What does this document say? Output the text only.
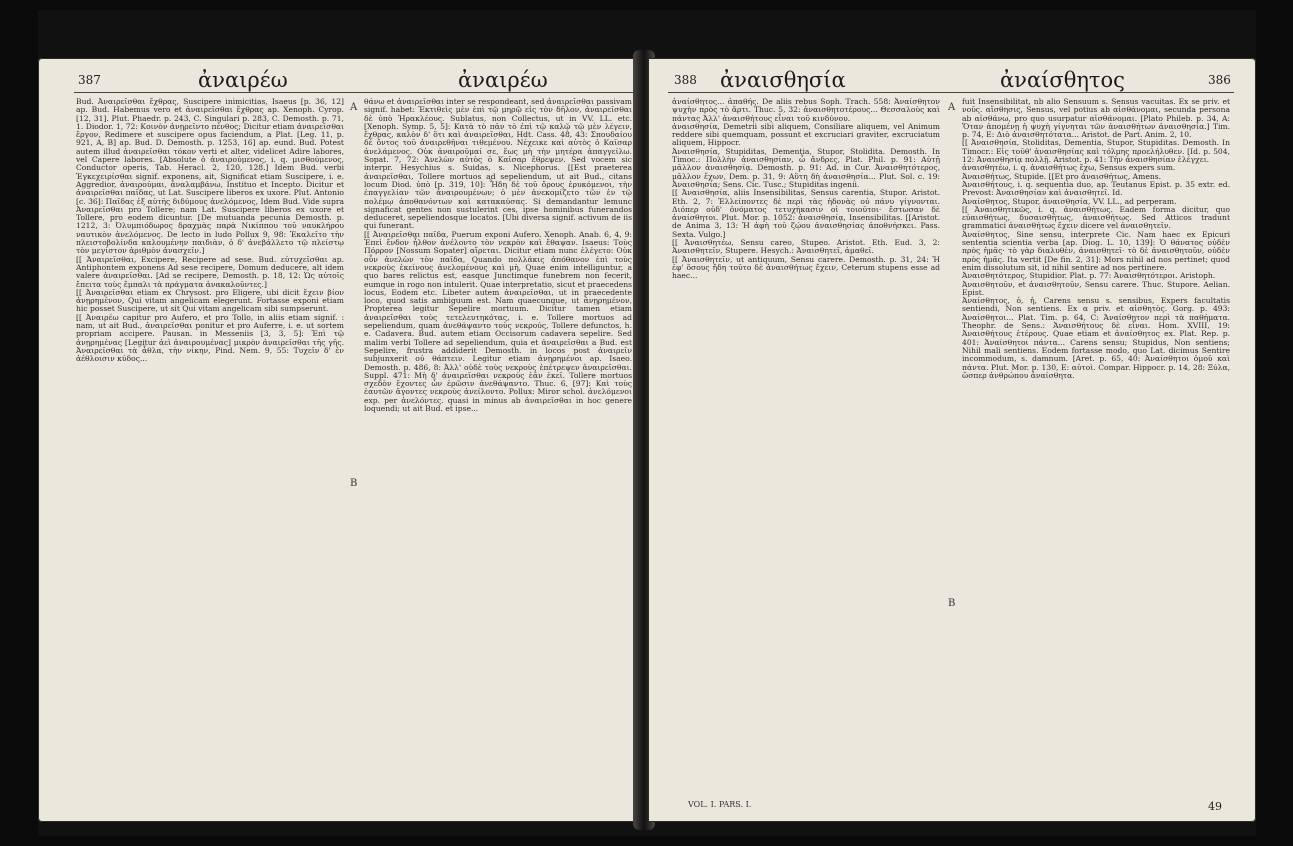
ἀναιρέω	ἀναιρέω
387
A
B
Bud. Ἀναιρεῖσθαι ἔχθρας, Suscipere inimicitias, Isaeus [p. 36, 12] ap. Bud. Habemus vero et ἀναιρεῖσθαι ἔχθρας ap. Xenoph. Cyrop. [12, 31]. Plut. Phaedr. p. 243, C. Singulari p. 283, C. Demosth. p. 71, 1. Diodor. 1, 72: Κοινὸν ἀνῃρεῖντο πένθος; Dicitur etiam ἀναιρεῖσθαι ἔργον, Redimere et suscipere opus faciendum, a Plat. [Leg. 11, p. 921, A, B] ap. Bud. D. Demosth. p. 1253, 16] ap. eund. Bud. Potest autem illud ἀναιρεῖσθαι τόκον verti et alter, videlicet Adire labores, vel Capere labores. [Absolute ὁ ἀναιρούμενος, i. q. μισθούμενος, Conductor operis, Tab. Heracl. 2, 120, 128.] Idem Bud. verbi Ἐγκεχειρίσθαι signif. exponens, ait, Significat etiam Suscipere, i. e. Aggredior, ἀναιρούμαι, ἀναλαμβάνω, Instituo et Incepto. Dicitur et ἀναιρεῖσθαι παῖδας, ut Lat. Suscipere liberos ex uxore. Plut. Antonio [c. 36]: Παῖδας ἐξ αὐτῆς διδύμους ἀνελόμενος, Idem Bud. Vide supra Ἀναιρεῖσθαι pro Tollere; nam Lat. Suscipere liberos ex uxore et Tollere, pro eodem dicuntur. [De mutuanda pecunia Demosth. p. 1212, 3: Ὀλυμπιόδωρος δραχμὰς παρὰ Νικίππου τοῦ ναυκλήρου ναυτικὸν ἀνελόμενος. De lecto in ludo Pollux 9, 98: Ἐκαλεῖτο τὴν πλειστοβολίνδα καλουμένην παιδιὰν, ὁ δ' ἀνεβάλλετο τῷ πλείστῳ τὸν μεγίστον ἀριθμὸν ἀνασχεῖν.]
[[ Ἀναιρεῖσθαι, Excipere, Recipere ad sese. Bud. εὐτυχεῖσθαι ap. Antiphontem exponens Ad sese recipere, Domum deducere, alt idem valere ἀναιρεῖσθαι. [Ad se recipere, Demosth. p. 18, 12: Ὡς αὐτοῖς ἔπειτα τοὺς ἔμπαλι τὰ πράγματα ἀνακαλοῦντες.]
[[ Ἀναιρεῖσθαι etiam ex Chrysost. pro Eligere, ubi dicit ἔχειν βίον ἀνῃρημένον, Qui vitam angelicam elegerunt. Fortasse exponi etiam hic posset Suscipere, ut sit Qui vitam angelicam sibi sumpserunt.
[[ Ἀναιρέω capitur pro Aufero, et pro Tollo, in aliis etiam signif. : nam, ut ait Bud., ἀναιρεῖσθαι ponitur et pro Auferre, i. e. ut sortem propriam accipere. Pausan. in Messeniis [3, 3, 5]: Ἐπὶ τῷ ἀνῃρημένας [Legitur ἀεὶ ἀναιρουμένας] μικρὸν ἀναιρεῖσθαι τῆς γῆς. Ἀναιρεῖσθαι τὰ ἆθλα, τὴν νίκην, Pind. Nem. 9, 55: Τυχεῖν δ' ἐν ἀέθλοισιν κύδος...
θάνω et ἀναιρεῖσθαι inter se respondeant, sed ἀναιρεῖσθαι passivam signif. habet: Ἐκτιθεὶς μὲν ἐπὶ τῷ μηρῷ εἰς τὸν δῆλον, ἀναιρεῖσθαι δὲ ὑπὸ Ἡρακλέους. Sublatus, non Collectus, ut in VV. LL. etc. [Xenoph. Symp. 5, 5]: Κατὰ τὸ πᾶν τὸ ἐπὶ τῷ καλῷ τῷ μὲν λέγειν, ἔχθρας, καλὸν δ' ὅτι καὶ ἀναιρεῖσθαι, Hdt. Cass. 48, 43: Σπουδαίου δὲ ὄντος τοῦ ἀναιρεθῆναι τιθεμένου. Νέχεικε καὶ αὐτὸς ὁ Καῖσαρ ἀνελάμενος. Οὐκ ἀναιροῦμαί σε, ἕως μὴ τὴν μητέρα ἀπαγγείλω. Sopat. 7, 72: Ἀνελὼν αὐτὸς ὁ Καῖσαρ ἔθρεψεν. Sed vocem sic interpr. Hesychius s. Suidas, s. Nicephorus. [[Est praeterea ἀναιρεῖσθαι, Tollere mortuos ad sepeliendum, ut ait Bud., citans locum Diod. ὑπὸ [p. 319, 10]: Ἦδη δὲ τοῦ ὄρους ἐρυκόμενοι, τὴν ἐπαγγελίαν τῶν ἀναιρουμένων; ὁ μὲν ἀνεκομίζετο τῶν ἐν τῷ πολέμῳ ἀποθανόντων καὶ κατακαύσας. Si demandantur lemunc signaficat gentes non sustulerint ces, ipse hominibus funerandos deduceret, sepeliendosque locatos. [Ubi diversa signif. activum de iis qui funerant.
[[ Ἀναιρεῖσθαι παῖδα, Puerum exponi Aufero. Xenoph. Anab. 6, 4, 9: Ἐπεὶ ἔνδον ἦλθον ἀνέλοντο τὸν νεκρὸν καὶ ἔθαψαν. Isaeus: Τοὺς Πόρρον [Nossum Sopater] αἴρεται. Dicitur etiam nunc ἐλέγετο: Οὐκ οὖν ἀνελὼν τὸν παῖδα, Quando πολλάκις ἀπόθανον ἐπὶ τοὺς νεκροὺς ἐκείνους ἀνελομένους καὶ μὴ, Quae enim intelliguntur, a quo bares relictus est, easque Junctimque funebrem non fecerit, eumque in rogo non intulerit. Quae interpretatio, sicut et praecedens locus, Eodem etc. Libeter autem ἀναιρεῖσθαι, ut in praecedente loco, quod satis ambiguum est. Nam quaecunque, ut ἀνῃρημένον, Propterea legitur Sepelire mortuum. Dicitur tamen etiam ἀναιρεῖσθαι τοὺς τετελευτηκότας, i. e. Tollere mortuos ad sepeliendum, quam ἀνεθάψαντο τοὺς νεκρούς, Tollere defunctos, h. e. Cadavera. Bud. autem etiam Occisorum cadavera sepelire. Sed malim verbi Tollere ad sepeliendum, quia et ἀναιρεῖσθαι a Bud. est Sepelire, frustra addiderit Demosth. in locos post ἀναιρεῖν subjunxerit οὐ θάπτειν. Legitur etiam ἀνῃρημένοι ap. Isaeo. Demosth. p. 486, 8: Ἀλλ' οὐδὲ τοὺς νεκροὺς ἐπέτρεψεν ἀναιρεῖσθαι. Suppl. 471: Μὴ δ' ἀναιρεῖσθαι νεκρούς ἐᾶν ἐκεῖ. Tollere mortuos σχεδὸν ἔχοντες ὧν ἐρῶσιν ἀνεθάψαντο. Thuc. 6, [97]: Καὶ τοὺς ἑαυτῶν ἄγοντες νεκροὺς ἀνείλοντο. Pollux: Miror schol. ἀνελόμενοι exp. per ἀνελόντες. quasi in minus ab ἀναιρεῖσθαι in hoc genere loquendi; ut ait Bud. et ipse...
388 ἀναισθησία	ἀναίσθητος	386
A
B
ἀναίσθητος... ἀπαθής. De aliis rebus Soph. Trach. 558: Ἀναίσθητον ψυχὴν πρὸς τὸ ἄρτι. Thuc. 5, 32: ἀναισθητοτέρους... Θεσσαλοὺς καὶ πάντας Ἀλλ' ἀναισθήτους εἶναι τοῦ κινδύνου.
ἀναισθησία, Demetrii sibi aliquem, Consiliare aliquem, vel Animum reddere sibi quemquam, possunt et excruciari graviter, excruciatum aliquem, Hippocr.
Ἀναισθησία, Stupiditas, Dementia, Stupor, Stolidita. Demosth. In Timoc.: Πολλὴν ἀναισθησίαν, ὦ ἄνδρες, Plat. Phil. p. 91: Αὐτῇ μᾶλλον ἀναισθησίᾳ. Demosth. p. 91: Ad. in Cur. Ἀναισθητότερος, μᾶλλον ἔχων, Dem. p. 31, 9: Αὕτη δὴ ἀναισθησία... Plut. Sol. c. 19: Ἀναισθησία; Sens. Cic. Tusc.; Stupiditas ingenii.
[[ Ἀναισθησία, aliis Insensibilitas, Sensus carentia, Stupor. Aristot. Eth. 2, 7: Ἐλλείποντες δὲ περὶ τὰς ἡδονὰς οὐ πάνυ γίγνονται. Διόπερ οὐδ' ὀνόματος τετυχήκασιν οἱ τοιοῦτοι· ἔστωσαν δὲ ἀναίσθητοι. Plut. Mor. p. 1052: ἀναισθησίᾳ, Insensibilitas. [[Aristot. de Anima 3, 13: Ἡ ἁφὴ τοῦ ζῴου ἀναισθησίας ἀποθνήσκει. Pass. Sexta. Vulgo.]
[[ Ἀναισθητέω, Sensu careo, Stupeo. Aristot. Eth. Eud. 3, 2: Ἀναισθητεῖν, Stupere. Hesych.: Ἀναισθητεῖ, ἀμαθεῖ.
[[ Ἀναισθητεῖν, ut antiquum, Sensu carere. Demosth. p. 31, 24: Ἡ ἐφ' ὅσους ἤδη τοῦτο δὲ ἀναισθήτως ἔχειν, Ceterum stupens esse ad haec...
fuit Insensibilitat, nb alio Sensuum s. Sensus vacuitas. Ex se priv. et νοῦς. αἴσθησις, Sensus, vel potius ab αἰσθάνομαι, secunda persona ab αἰσθάνω, pro quo usurpatur αἰσθάνομαι. [Plato Phileb. p. 34, A: Ὅταν ἀπομένῃ ἡ ψυχὴ γίγνηται τῶν ἀναισθήτων ἀναισθησία.] Tim. p. 74, E: Διὸ ἀναισθητότατα... Aristot. de Part. Anim. 2, 10.
[[ Ἀναισθησία, Stoliditas, Dementia, Stupor, Stupiditas. Demosth. In Timocr.: Εἰς τοῦθ' ἀναισθησίας καὶ τόλμης προελήλυθεν. [Id. p. 504, 12: Ἀναισθησίᾳ πολλῇ. Aristot. p. 41: Τὴν ἀναισθησίαν ἐλέγχει.
ἀναισθητέω, i. q. ἀναισθήτως ἔχω, Sensus expers sum.
Ἀναισθήτως, Stupide. [[Et pro ἀναισθήτως, Amens.
Ἀναισθήτους, i. q. sequentia duo, ap. Teutanus Epist. p. 35 extr. ed. Prevost: Ἀναισθησίαν καὶ ἀναισθητεῖ. Id.
Ἀναίσθητος, Stupor, ἀναισθησία, VV. LL., ad perperam.
[[ Ἀναισθητικῶς, i. q. ἀναισθήτως. Eadem forma dicitur, quo εὐαισθήτως, δυσαισθήτως, ἀναισθήτως. Sed Atticos tradunt grammatici ἀναισθήτως ἔχειν dicere vel ἀναισθητεῖν.
Ἀναίσθητος, Sine sensu, interprete Cic. Nam haec ex Epicuri sententia scientia verba [ap. Diog. L. 10, 139]: Ὁ θάνατος οὐδὲν πρὸς ἡμᾶς· τὸ γὰρ διαλυθὲν, ἀναισθητεῖ· τὸ δὲ ἀναισθητοῦν, οὐδὲν πρὸς ἡμᾶς. Ita vertit [De fin. 2, 31]: Mors nihil ad nos pertinet; quod enim dissolutum sit, id nihil sentire ad nos pertinere.
Ἀναισθητότερος, Stupidior. Plat. p. 77: Ἀναισθητότεροι. Aristoph.
Ἀναισθητοῦν, et ἀναισθητοῦν, Sensu carere. Thuc. Stupore. Aelian. Epist.
Ἀναίσθητος, ὁ, ἡ, Carens sensu s. sensibus, Expers facultatis sentiendi, Non sentiens. Ex α priv. et αἰσθητὸς. Gorg. p. 493: Ἀναίσθητοι... Plat. Tim. p. 64, C: Ἀναίσθητον περὶ τὰ παθήματα. Theophr. de Sens.: Ἀναισθήτους δὲ εἶναι. Hom. XVIII, 19: Ἀναισθήτους ἑτέρους. Quae etiam et ἀναίσθητος ex. Plat. Rep. p. 401: Ἀναίσθητοι πάντα... Carens sensu; Stupidus, Non sentiens; Nihil mali sentiens. Eodem fortasse modo, quo Lat. dicimus Sentire incommodum, s. damnum. [Aret. p. 65, 40: Ἀναίσθητοι ὁμοῦ καὶ πάντα. Plut. Mor. p. 130, E: αὐτοὶ. Compar. Hippocr. p. 14, 28: Ξύλα, ὥσπερ ἀνθρώπου ἀναίσθητα.
VOL. I. PARS. I.	49
